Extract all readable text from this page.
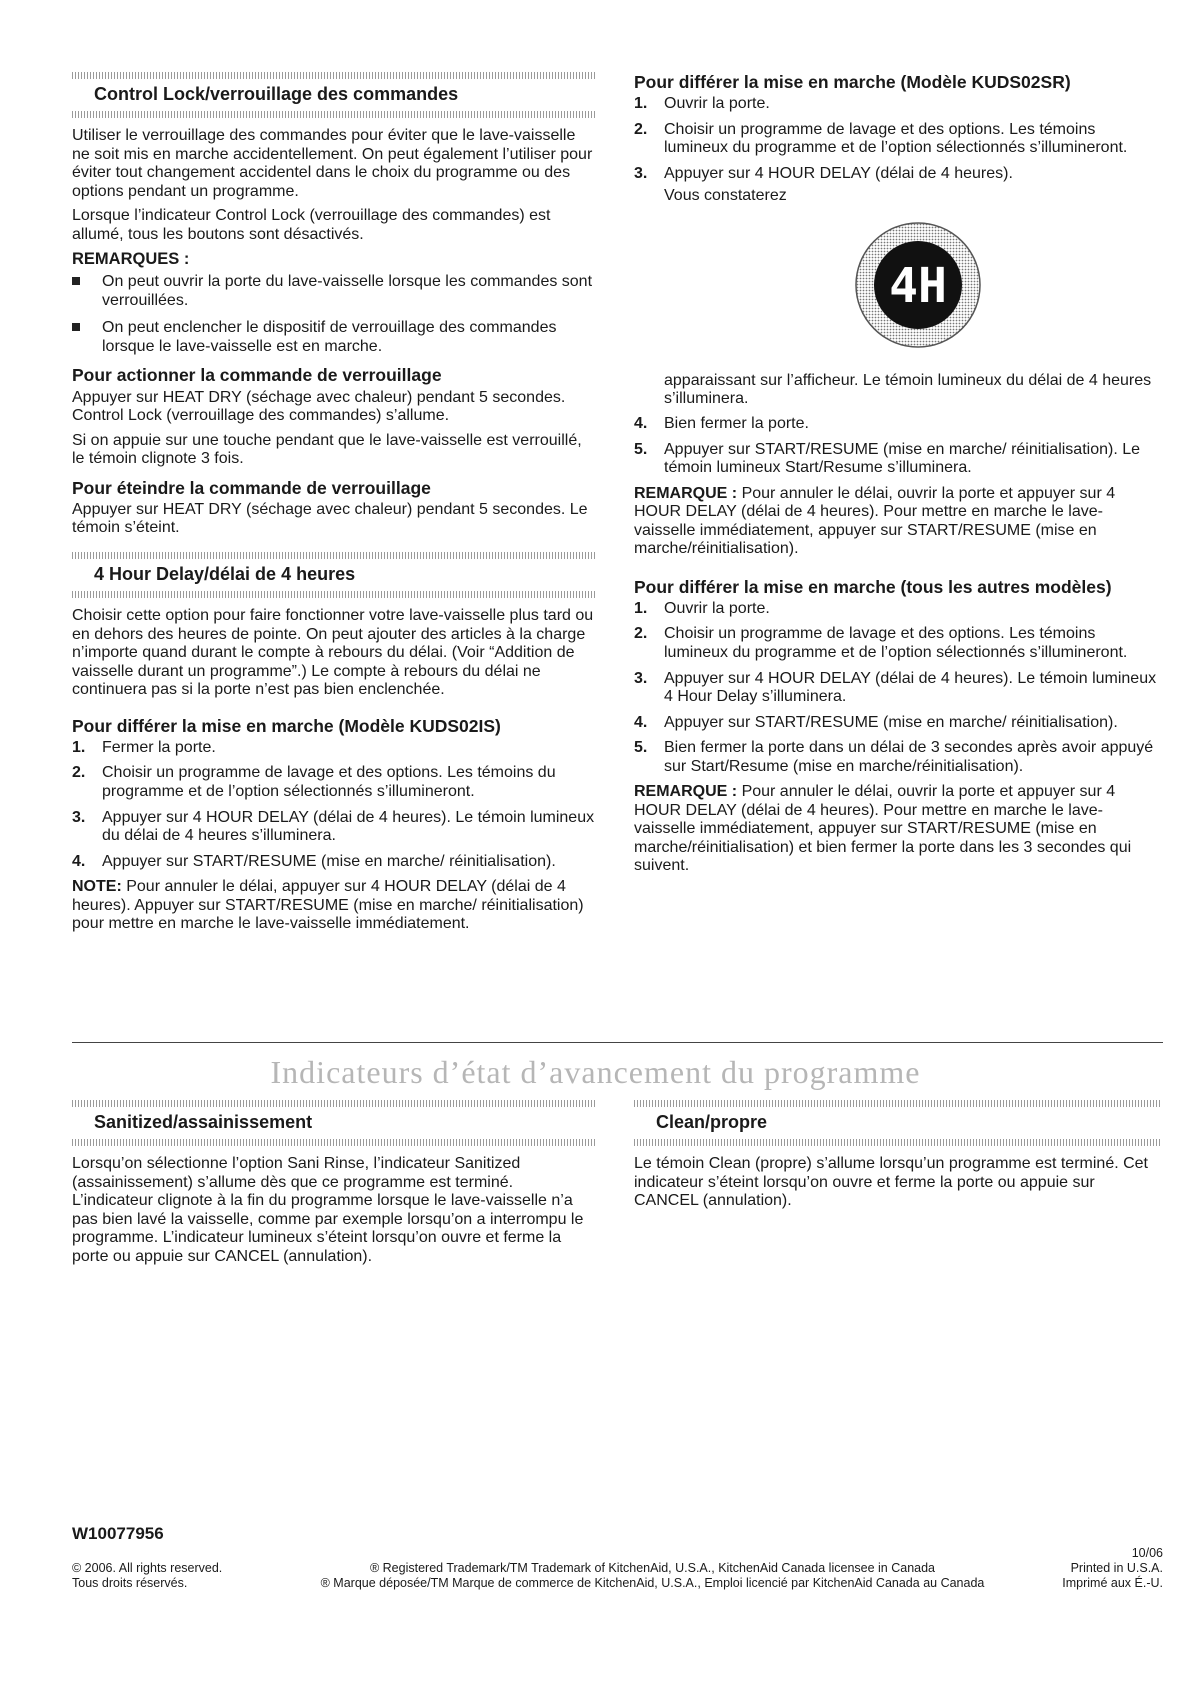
Control Lock/verrouillage des commandes

Utiliser le verrouillage des commandes pour éviter que le lave-vaisselle ne soit mis en marche accidentellement. On peut également l’utiliser pour éviter tout changement accidentel dans le choix du programme ou des options pendant un programme.

Lorsque l’indicateur Control Lock (verrouillage des commandes) est allumé, tous les boutons sont désactivés.

REMARQUES :
On peut ouvrir la porte du lave-vaisselle lorsque les commandes sont verrouillées.
On peut enclencher le dispositif de verrouillage des commandes lorsque le lave-vaisselle est en marche.
Pour actionner la commande de verrouillage

Appuyer sur HEAT DRY (séchage avec chaleur) pendant 5 secondes. Control Lock (verrouillage des commandes) s’allume.

Si on appuie sur une touche pendant que le lave-vaisselle est verrouillé, le témoin clignote 3 fois.

Pour éteindre la commande de verrouillage

Appuyer sur HEAT DRY (séchage avec chaleur) pendant 5 secondes. Le témoin s’éteint.

4 Hour Delay/délai de 4 heures

Choisir cette option pour faire fonctionner votre lave-vaisselle plus tard ou en dehors des heures de pointe. On peut ajouter des articles à la charge n’importe quand durant le compte à rebours du délai. (Voir “Addition de vaisselle durant un programme”.) Le compte à rebours du délai ne continuera pas si la porte n’est pas bien enclenchée.

Pour différer la mise en marche (Modèle KUDS02IS)
1. Fermer la porte.
2. Choisir un programme de lavage et des options. Les témoins du programme et de l’option sélectionnés s’illumineront.
3. Appuyer sur 4 HOUR DELAY (délai de 4 heures). Le témoin lumineux du délai de 4 heures s’illuminera.
4. Appuyer sur START/RESUME (mise en marche/ réinitialisation).

NOTE: Pour annuler le délai, appuyer sur 4 HOUR DELAY (délai de 4 heures). Appuyer sur START/RESUME (mise en marche/ réinitialisation) pour mettre en marche le lave-vaisselle immédiatement.

Pour différer la mise en marche (Modèle KUDS02SR)
1. Ouvrir la porte.
2. Choisir un programme de lavage et des options. Les témoins lumineux du programme et de l’option sélectionnés s’illumineront.
3. Appuyer sur 4 HOUR DELAY (délai de 4 heures).

Vous constaterez

4H

apparaissant sur l’afficheur. Le témoin lumineux du délai de 4 heures s’illuminera.

4. Bien fermer la porte.
5. Appuyer sur START/RESUME (mise en marche/ réinitialisation). Le témoin lumineux Start/Resume s’illuminera.

REMARQUE : Pour annuler le délai, ouvrir la porte et appuyer sur 4 HOUR DELAY (délai de 4 heures). Pour mettre en marche le lave-vaisselle immédiatement, appuyer sur START/RESUME (mise en marche/réinitialisation).

Pour différer la mise en marche (tous les autres modèles)
1. Ouvrir la porte.
2. Choisir un programme de lavage et des options. Les témoins lumineux du programme et de l’option sélectionnés s’illumineront.
3. Appuyer sur 4 HOUR DELAY (délai de 4 heures). Le témoin lumineux 4 Hour Delay s’illuminera.
4. Appuyer sur START/RESUME (mise en marche/ réinitialisation).
5. Bien fermer la porte dans un délai de 3 secondes après avoir appuyé sur Start/Resume (mise en marche/réinitialisation).

REMARQUE : Pour annuler le délai, ouvrir la porte et appuyer sur 4 HOUR DELAY (délai de 4 heures). Pour mettre en marche le lave-vaisselle immédiatement, appuyer sur START/RESUME (mise en marche/réinitialisation) et bien fermer la porte dans les 3 secondes qui suivent.

Indicateurs d’état d’avancement du programme
Sanitized/assainissement

Lorsqu’on sélectionne l’option Sani Rinse, l’indicateur Sanitized (assainissement) s’allume dès que ce programme est terminé. L’indicateur clignote à la fin du programme lorsque le lave-vaisselle n’a pas bien lavé la vaisselle, comme par exemple lorsqu’on a interrompu le programme. L’indicateur lumineux s’éteint lorsqu’on ouvre et ferme la porte ou appuie sur CANCEL (annulation).

Clean/propre

Le témoin Clean (propre) s’allume lorsqu’un programme est terminé. Cet indicateur s’éteint lorsqu’on ouvre et ferme la porte ou appuie sur CANCEL (annulation).

W10077956
© 2006. All rights reserved.
Tous droits réservés.
® Registered Trademark/TM Trademark of KitchenAid, U.S.A., KitchenAid Canada licensee in Canada
® Marque déposée/TM Marque de commerce de KitchenAid, U.S.A., Emploi licencié par KitchenAid Canada au Canada
10/06
Printed in U.S.A.
Imprimé aux É.-U.
